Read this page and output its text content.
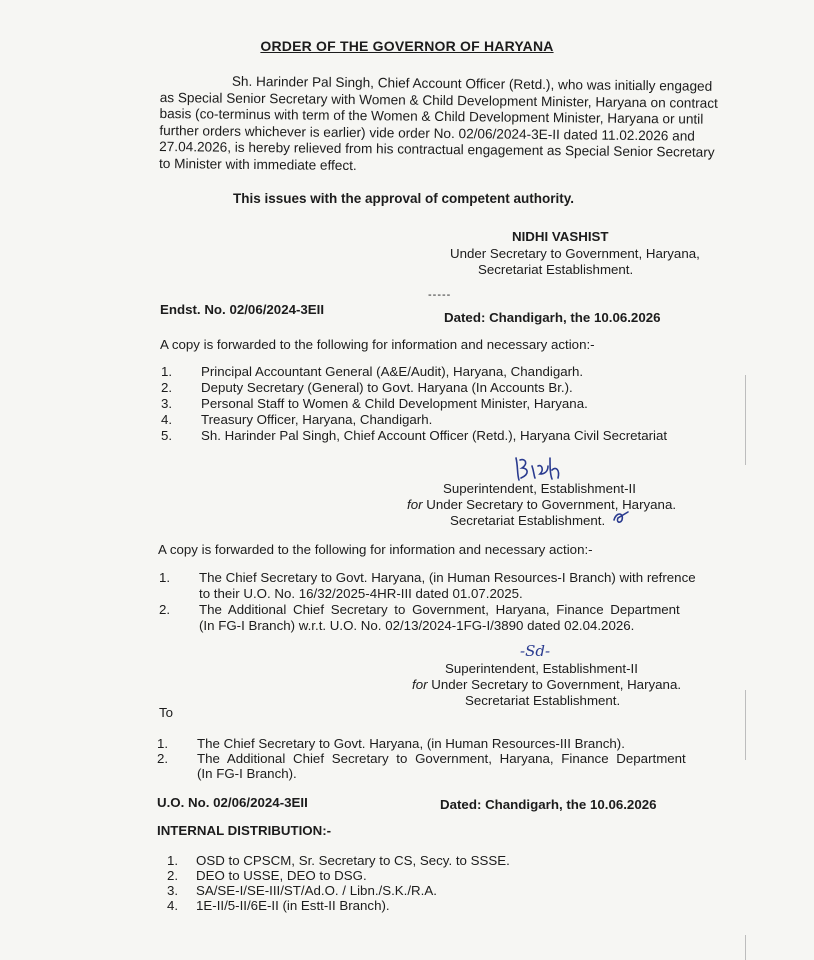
ORDER OF THE GOVERNOR OF HARYANA
Sh. Harinder Pal Singh, Chief Account Officer (Retd.), who was initially engaged
as Special Senior Secretary with Women & Child Development Minister, Haryana on contract
basis (co-terminus with term of the Women & Child Development Minister, Haryana or until
further orders whichever is earlier) vide order No. 02/06/2024-3E-II dated 11.02.2026 and
27.04.2026, is hereby relieved from his contractual engagement as Special Senior Secretary
to Minister with immediate effect.
This issues with the approval of competent authority.
NIDHI VASHIST
Under Secretary to Government, Haryana,
Secretariat Establishment.
-----
Endst. No. 02/06/2024-3EII
Dated: Chandigarh, the 10.06.2026
A copy is forwarded to the following for information and necessary action:-
1. Principal Accountant General (A&E/Audit), Haryana, Chandigarh.
2. Deputy Secretary (General) to Govt. Haryana (In Accounts Br.).
3. Personal Staff to Women & Child Development Minister, Haryana.
4. Treasury Officer, Haryana, Chandigarh.
5. Sh. Harinder Pal Singh, Chief Account Officer (Retd.), Haryana Civil Secretariat
Superintendent, Establishment-II
for Under Secretary to Government, Haryana.
Secretariat Establishment.
A copy is forwarded to the following for information and necessary action:-
1. The Chief Secretary to Govt. Haryana, (in Human Resources-I Branch) with refrence
to their U.O. No. 16/32/2025-4HR-III dated 01.07.2025.
2. The Additional Chief Secretary to Government, Haryana, Finance Department
(In FG-I Branch) w.r.t. U.O. No. 02/13/2024-1FG-I/3890 dated 02.04.2026.
-Sd-
Superintendent, Establishment-II
for Under Secretary to Government, Haryana.
Secretariat Establishment.
To
1. The Chief Secretary to Govt. Haryana, (in Human Resources-III Branch).
2. The Additional Chief Secretary to Government, Haryana, Finance Department
(In FG-I Branch).
U.O. No. 02/06/2024-3EII	Dated: Chandigarh, the 10.06.2026
INTERNAL DISTRIBUTION:-
1. OSD to CPSCM, Sr. Secretary to CS, Secy. to SSSE.
2. DEO to USSE, DEO to DSG.
3. SA/SE-I/SE-III/ST/Ad.O. / Libn./S.K./R.A.
4. 1E-II/5-II/6E-II (in Estt-II Branch).
